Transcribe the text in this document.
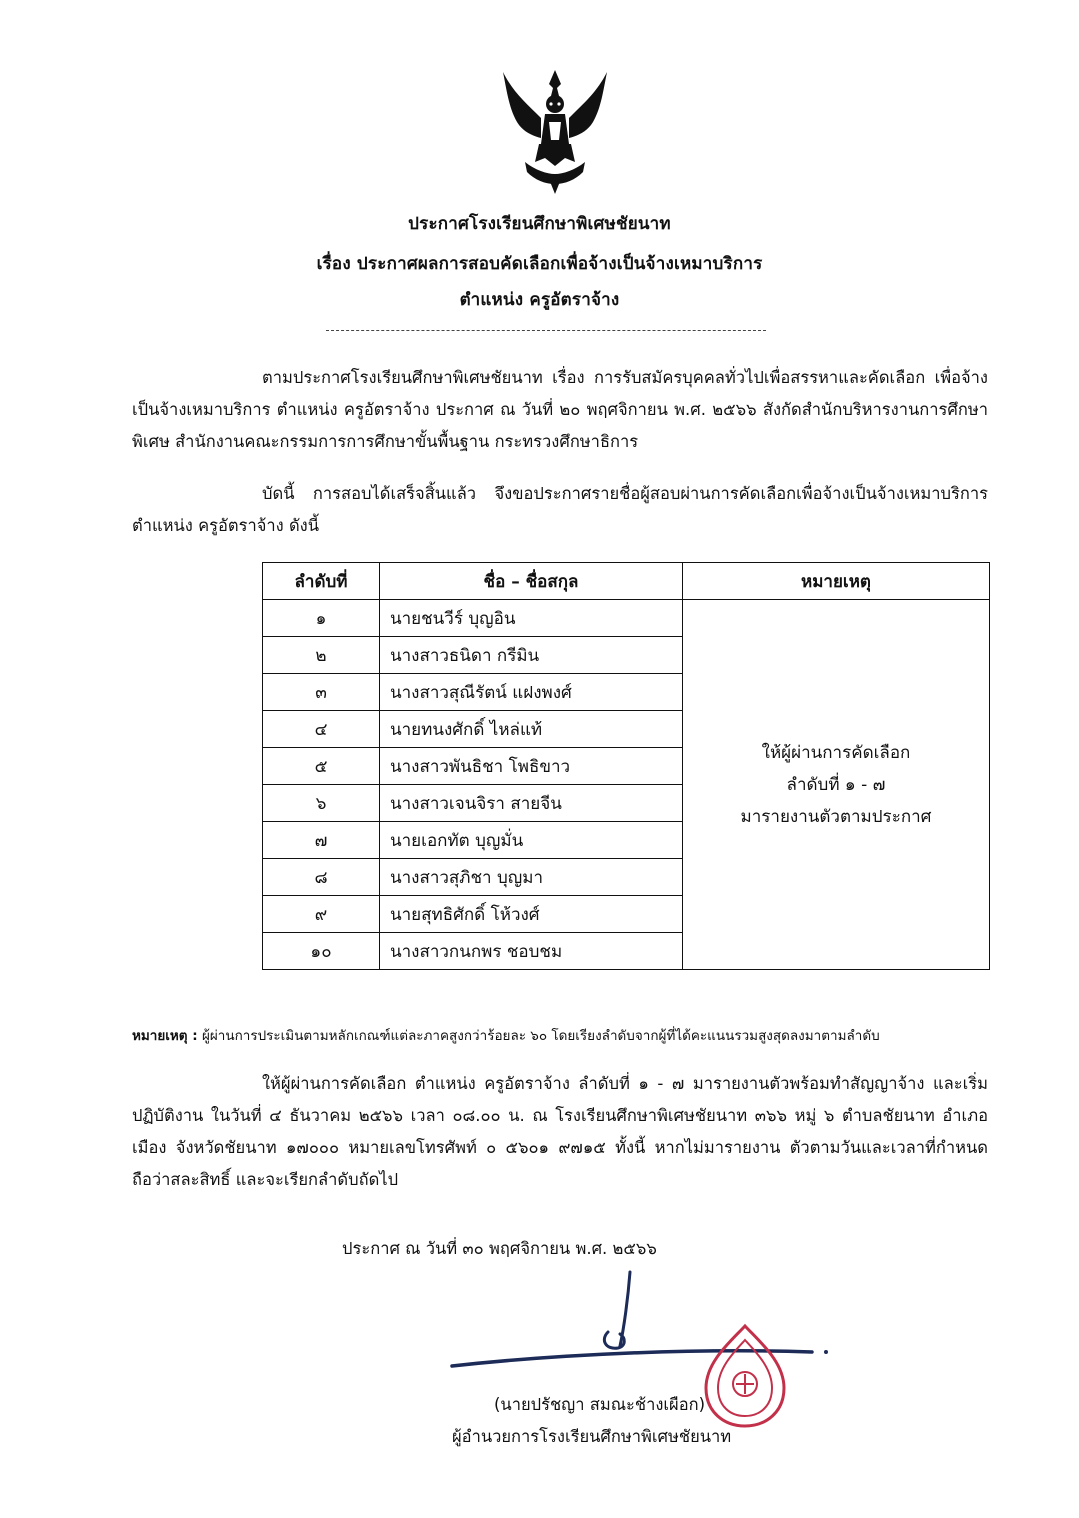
ประกาศโรงเรียนศึกษาพิเศษชัยนาท
เรื่อง ประกาศผลการสอบคัดเลือกเพื่อจ้างเป็นจ้างเหมาบริการ
ตำแหน่ง ครูอัตราจ้าง
ตามประกาศโรงเรียนศึกษาพิเศษชัยนาท เรื่อง การรับสมัครบุคคลทั่วไปเพื่อสรรหาและคัดเลือก เพื่อจ้างเป็นจ้างเหมาบริการ ตำแหน่ง ครูอัตราจ้าง ประกาศ ณ วันที่ ๒๐ พฤศจิกายน พ.ศ. ๒๕๖๖ สังกัดสำนักบริหารงานการศึกษาพิเศษ สำนักงานคณะกรรมการการศึกษาขั้นพื้นฐาน กระทรวงศึกษาธิการ
บัดนี้ การสอบได้เสร็จสิ้นแล้ว จึงขอประกาศรายชื่อผู้สอบผ่านการคัดเลือกเพื่อจ้างเป็นจ้างเหมาบริการ ตำแหน่ง ครูอัตราจ้าง ดังนี้
ลำดับที่	ชื่อ – ชื่อสกุล	หมายเหตุ
๑	นายชนวีร์ บุญอิน	ให้ผู้ผ่านการคัดเลือก
ลำดับที่ ๑ - ๗
มารายงานตัวตามประกาศ

๒	นางสาวธนิดา กรีมิน	
๓	นางสาวสุณีรัตน์ แฝงพงศ์	
๔	นายทนงศักดิ์ ไหล่แท้	
๕	นางสาวพันธิชา โพธิขาว	
๖	นางสาวเจนจิรา สายจีน	
๗	นายเอกทัต บุญมั่น	
๘	นางสาวสุภิชา บุญมา	
๙	นายสุทธิศักดิ์ โห้วงศ์	
๑๐	นางสาวกนกพร ชอบชม	
หมายเหตุ : ผู้ผ่านการประเมินตามหลักเกณฑ์แต่ละภาคสูงกว่าร้อยละ ๖๐ โดยเรียงลำดับจากผู้ที่ได้คะแนนรวมสูงสุดลงมาตามลำดับ
ให้ผู้ผ่านการคัดเลือก ตำแหน่ง ครูอัตราจ้าง ลำดับที่ ๑ - ๗ มารายงานตัวพร้อมทำสัญญาจ้าง และเริ่มปฏิบัติงาน ในวันที่ ๔ ธันวาคม ๒๕๖๖ เวลา ๐๘.๐๐ น. ณ โรงเรียนศึกษาพิเศษชัยนาท ๓๖๖ หมู่ ๖ ตำบลชัยนาท อำเภอเมือง จังหวัดชัยนาท ๑๗๐๐๐ หมายเลขโทรศัพท์ ๐ ๕๖๐๑ ๙๗๑๕ ทั้งนี้ หากไม่มารายงาน ตัวตามวันและเวลาที่กำหนด ถือว่าสละสิทธิ์ และจะเรียกลำดับถัดไป
ประกาศ ณ วันที่ ๓๐ พฤศจิกายน พ.ศ. ๒๕๖๖
(นายปรัชญา สมณะช้างเผือก)
ผู้อำนวยการโรงเรียนศึกษาพิเศษชัยนาท
